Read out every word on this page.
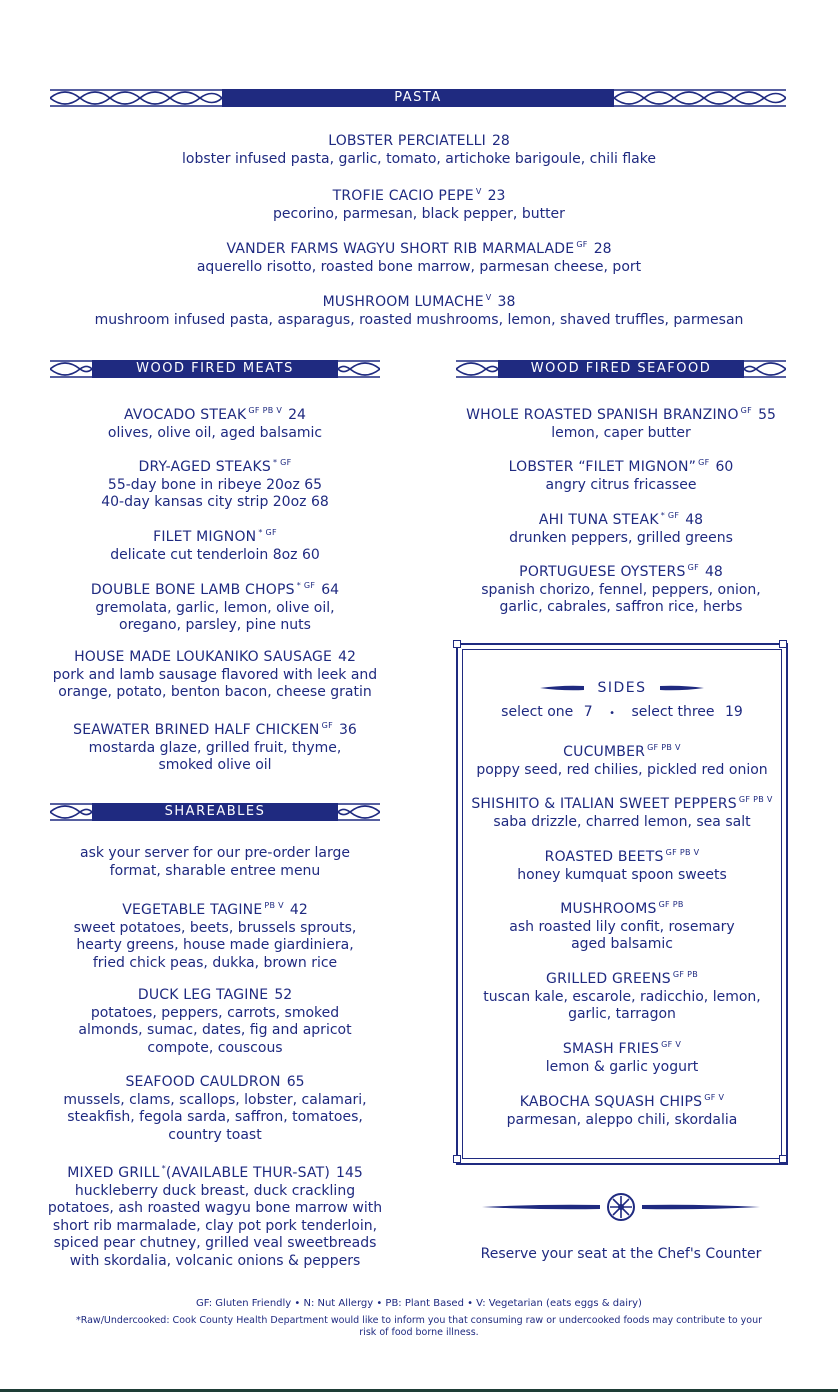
PASTA
LOBSTER PERCIATELLI 28
lobster infused pasta, garlic, tomato, artichoke barigoule, chili flake
TROFIE CACIO PEPE $^V$ 23
pecorino, parmesan, black pepper, butter
VANDER FARMS WAGYU SHORT RIB MARMALADE $^{GF}$ 28
aquerello risotto, roasted bone marrow, parmesan cheese, port
MUSHROOM LUMACHE $^V$ 38
mushroom infused pasta, asparagus, roasted mushrooms, lemon, shaved truffles, parmesan
WOOD FIRED MEATS
AVOCADO STEAK $^{GF PB V}$ 24
olives, olive oil, aged balsamic
DRY-AGED STEAKS $^{* GF}$
55-day bone in ribeye 20oz 65
40-day kansas city strip 20oz 68
FILET MIGNON $^{* GF}$
delicate cut tenderloin 8oz 60
DOUBLE BONE LAMB CHOPS $^{* GF}$ 64
gremolata, garlic, lemon, olive oil,
oregano, parsley, pine nuts
HOUSE MADE LOUKANIKO SAUSAGE 42
pork and lamb sausage flavored with leek and
orange, potato, benton bacon, cheese gratin
SEAWATER BRINED HALF CHICKEN $^{GF}$ 36
mostarda glaze, grilled fruit, thyme,
smoked olive oil
WOOD FIRED SEAFOOD
WHOLE ROASTED SPANISH BRANZINO $^{GF}$ 55
lemon, caper butter
LOBSTER “FILET MIGNON” $^{GF}$ 60
angry citrus fricassee
AHI TUNA STEAK $^{* GF}$ 48
drunken peppers, grilled greens
PORTUGUESE OYSTERS $^{GF}$ 48
spanish chorizo, fennel, peppers, onion,
garlic, cabrales, saffron rice, herbs
SIDES
select one 7 • select three 19
CUCUMBER $^{GF PB V}$
poppy seed, red chilies, pickled red onion
SHISHITO & ITALIAN SWEET PEPPERS $^{GF PB V}$
saba drizzle, charred lemon, sea salt
ROASTED BEETS $^{GF PB V}$
honey kumquat spoon sweets
MUSHROOMS $^{GF PB}$
ash roasted lily confit, rosemary
aged balsamic
GRILLED GREENS $^{GF PB}$
tuscan kale, escarole, radicchio, lemon,
garlic, tarragon
SMASH FRIES $^{GF V}$
lemon & garlic yogurt
KABOCHA SQUASH CHIPS $^{GF V}$
parmesan, aleppo chili, skordalia
SHAREABLES
ask your server for our pre-order large
format, sharable entree menu
VEGETABLE TAGINE $^{PB V}$ 42
sweet potatoes, beets, brussels sprouts,
hearty greens, house made giardiniera,
fried chick peas, dukka, brown rice
DUCK LEG TAGINE 52
potatoes, peppers, carrots, smoked
almonds, sumac, dates, fig and apricot
compote, couscous
SEAFOOD CAULDRON 65
mussels, clams, scallops, lobster, calamari,
steakfish, fegola sarda, saffron, tomatoes,
country toast
MIXED GRILL *(AVAILABLE THUR-SAT) 145
huckleberry duck breast, duck crackling
potatoes, ash roasted wagyu bone marrow with
short rib marmalade, clay pot pork tenderloin,
spiced pear chutney, grilled veal sweetbreads
with skordalia, volcanic onions & peppers	Reserve your seat at the Chef's Counter
GF: Gluten Friendly • N: Nut Allergy • PB: Plant Based • V: Vegetarian (eats eggs & dairy)
*Raw/Undercooked: Cook County Health Department would like to inform you that consuming raw or undercooked foods may contribute to your
risk of food borne illness.
